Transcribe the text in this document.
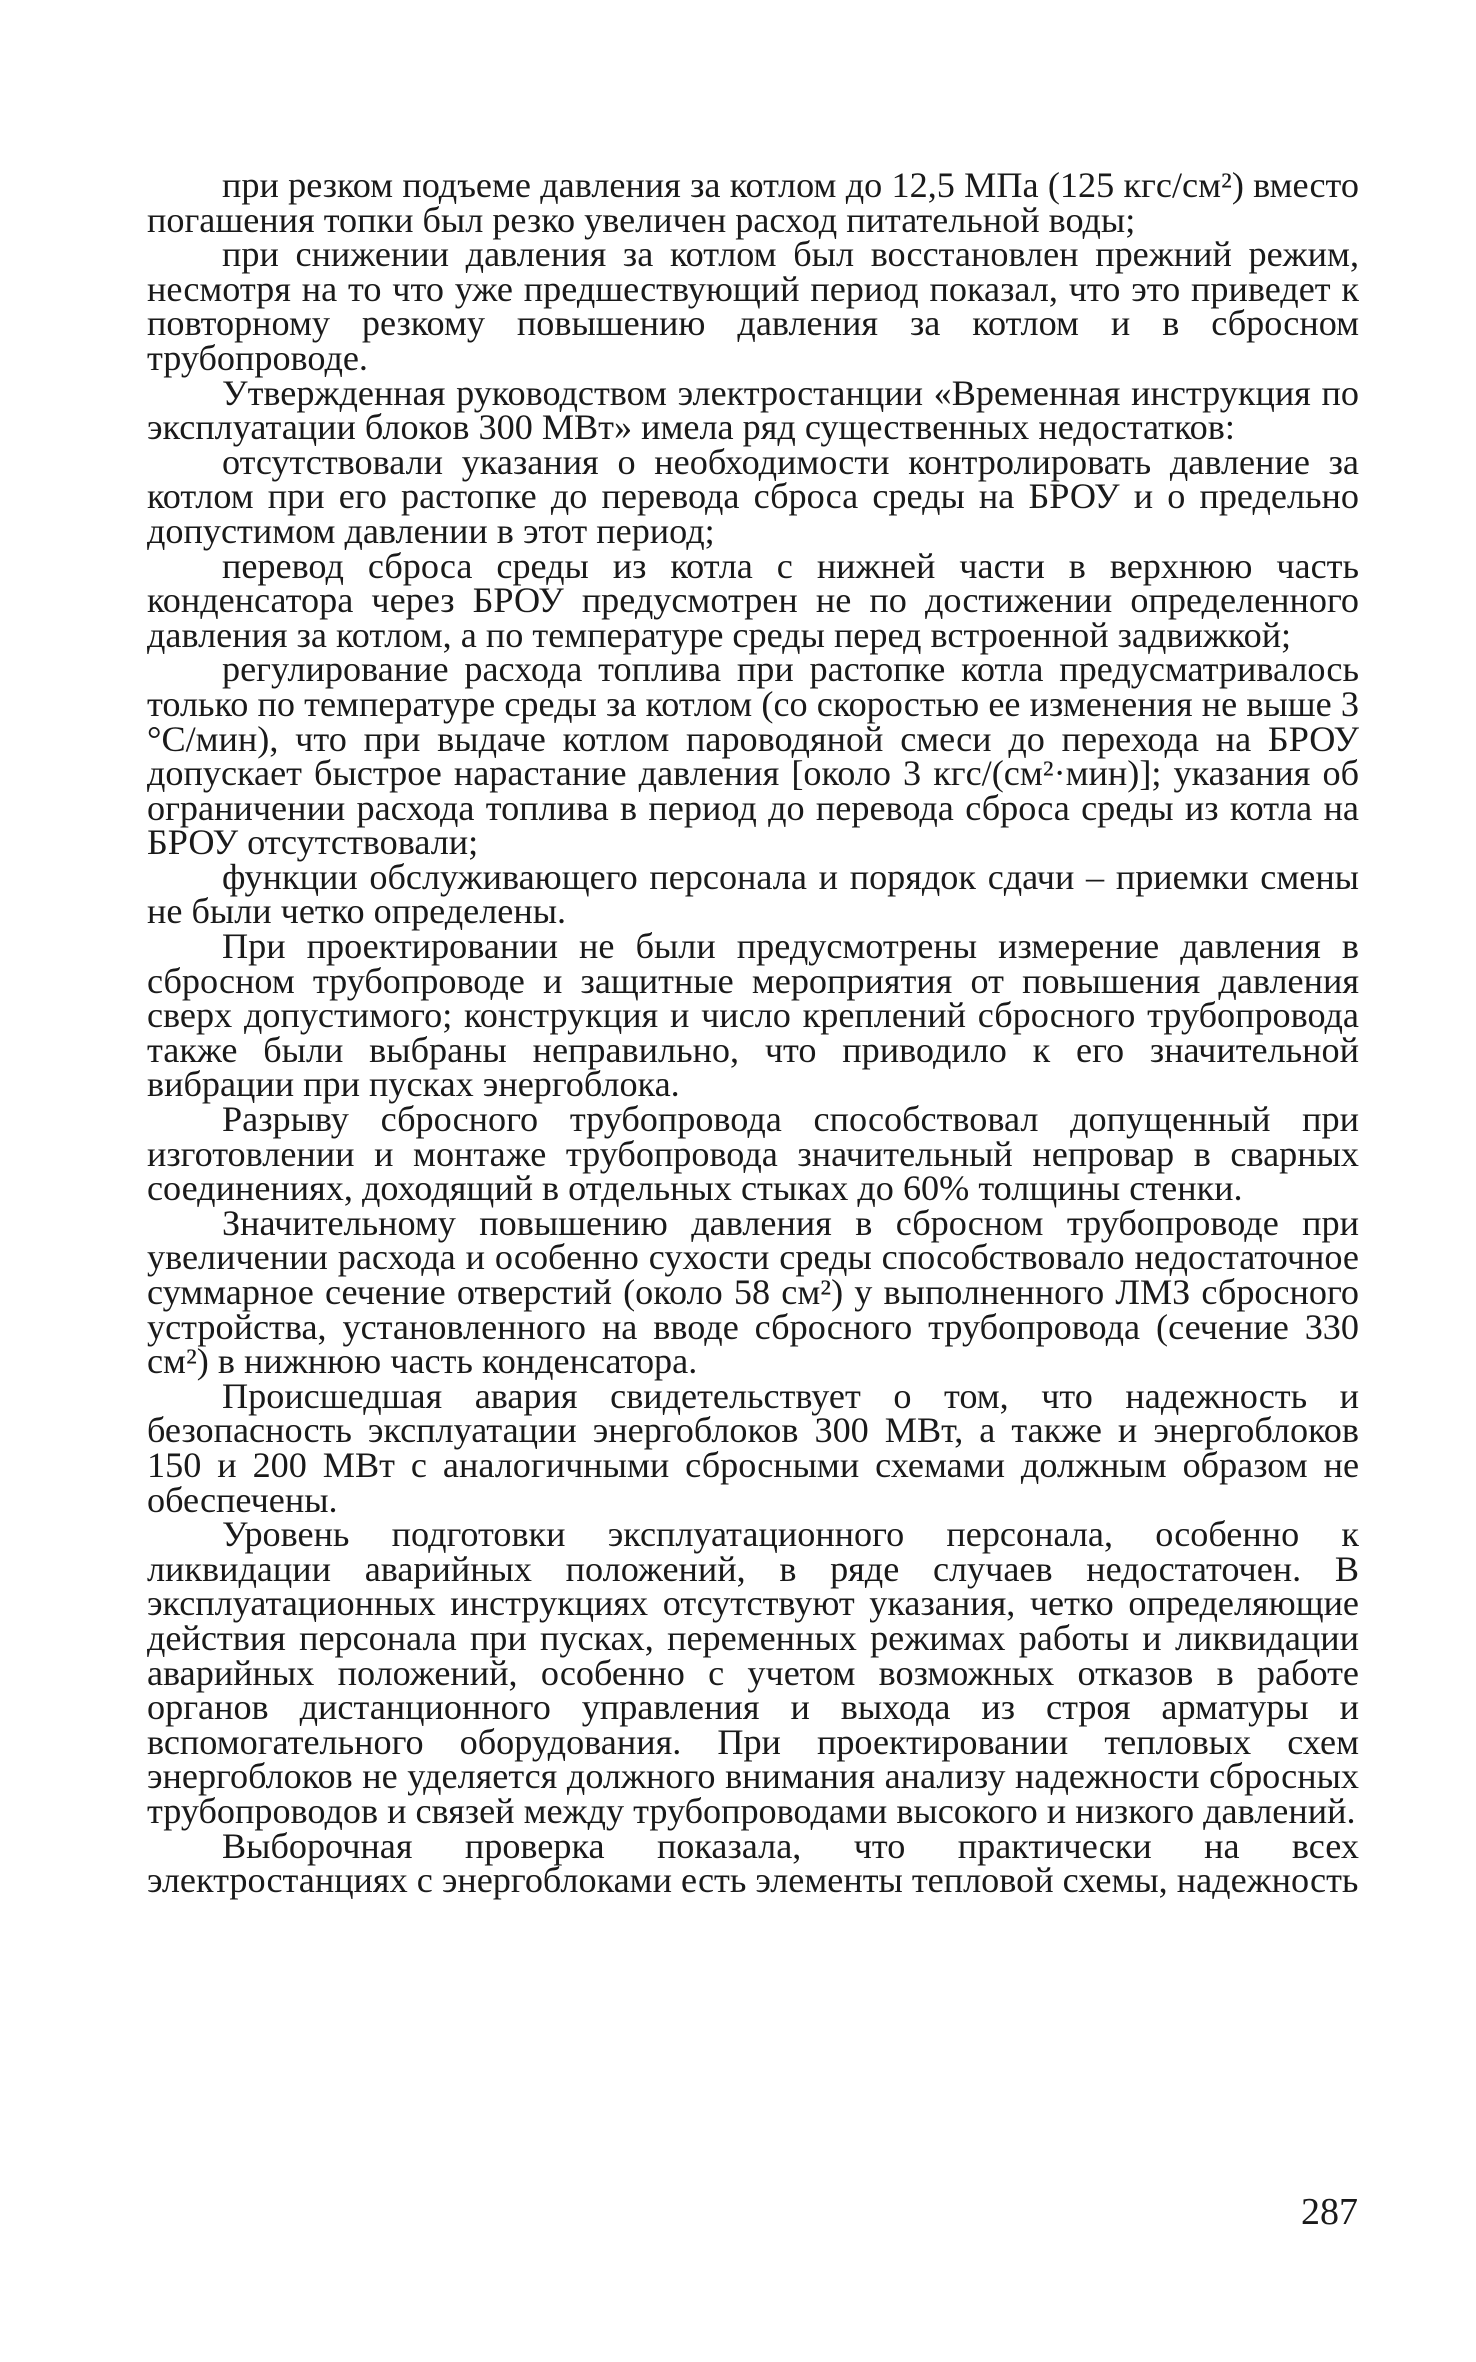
при резком подъеме давления за котлом до 12,5 МПа (125 кгс/см²) вместо погашения топки был резко увеличен расход питательной воды;

при снижении давления за котлом был восстановлен прежний режим, несмотря на то что уже предшествующий период показал, что это приведет к повторному резкому повышению давления за котлом и в сбросном трубопроводе.

Утвержденная руководством электростанции «Временная инструкция по эксплуатации блоков 300 МВт» имела ряд существенных недостатков:

отсутствовали указания о необходимости контролировать давление за котлом при его растопке до перевода сброса среды на БРОУ и о предельно допустимом давлении в этот период;

перевод сброса среды из котла с нижней части в верхнюю часть конденсатора через БРОУ предусмотрен не по достижении определенного давления за котлом, а по температуре среды перед встроенной задвижкой;

регулирование расхода топлива при растопке котла предусматривалось только по температуре среды за котлом (со скоростью ее изменения не выше 3 °С/мин), что при выдаче котлом пароводяной смеси до перехода на БРОУ допускает быстрое нарастание давления [около 3 кгс/(см²·мин)]; указания об ограничении расхода топлива в период до перевода сброса среды из котла на БРОУ отсутствовали;

функции обслуживающего персонала и порядок сдачи – приемки смены не были четко определены.

При проектировании не были предусмотрены измерение давления в сбросном трубопроводе и защитные мероприятия от повышения давления сверх допустимого; конструкция и число креплений сбросного трубопровода также были выбраны неправильно, что приводило к его значительной вибрации при пусках энергоблока.

Разрыву сбросного трубопровода способствовал допущенный при изготовлении и монтаже трубопровода значительный непровар в сварных соединениях, доходящий в отдельных стыках до 60% толщины стенки.

Значительному повышению давления в сбросном трубопроводе при увеличении расхода и особенно сухости среды способствовало недостаточное суммарное сечение отверстий (около 58 см²) у выполненного ЛМЗ сбросного устройства, установленного на вводе сбросного трубопровода (сечение 330 см²) в нижнюю часть конденсатора.

Происшедшая авария свидетельствует о том, что надежность и безопасность эксплуатации энергоблоков 300 МВт, а также и энергоблоков 150 и 200 МВт с аналогичными сбросными схемами должным образом не обеспечены.

Уровень подготовки эксплуатационного персонала, особенно к ликвидации аварийных положений, в ряде случаев недостаточен. В эксплуатационных инструкциях отсутствуют указания, четко определяющие действия персонала при пусках, переменных режимах работы и ликвидации аварийных положений, особенно с учетом возможных отказов в работе органов дистанционного управления и выхода из строя арматуры и вспомогательного оборудования. При проектировании тепловых схем энергоблоков не уделяется должного внимания анализу надежности сбросных трубопроводов и связей между трубопроводами высокого и низкого давлений.

Выборочная проверка показала, что практически на всех электростанциях с энергоблоками есть элементы тепловой схемы, надежность

287
